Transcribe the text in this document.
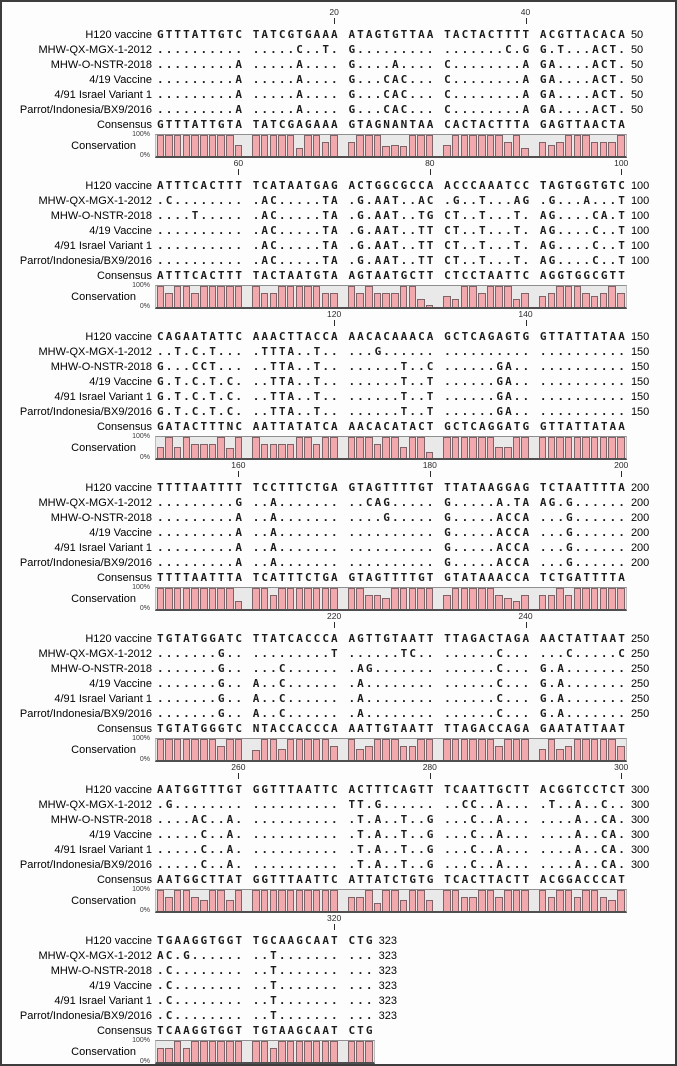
20	40
H120 vaccine GTTTATTGTC TATCGTGAAA ATAGTGTTAA TACTACTTTT ACGTTACACA 50
MHW-QX-MGX-1-2012 .......... .....C..T. G......... .......C.G G.T...ACT. 50
MHW-O-NSTR-2018 .........A .....A.... G....A.... C........A GA....ACT. 50
4/19 Vaccine .........A .....A.... G...CAC... C........A GA....ACT. 50
4/91 Israel Variant 1 .........A .....A.... G...CAC... C........A GA....ACT. 50
Parrot/Indonesia/BX9/2016 .........A .....A.... G...CAC... C........A GA....ACT. 50
Consensus GTTTATTGTA TATCGAGAAA GTAGNANTAA CACTACTTTA GAGTTAACTA
100%
Conservation
0%
60	80	100
H120 vaccine ATTTCACTTT TCATAATGAG ACTGGCGCCA ACCCAAATCC TAGTGGTGTC 100
MHW-QX-MGX-1-2012 .C........ .AC.....TA .G.AAT..AC .G..T...AG .G...A...T 100
MHW-O-NSTR-2018 ....T..... .AC.....TA .G.AAT..TG CT..T...T. AG....CA.T 100
4/19 Vaccine .......... .AC.....TA .G.AAT..TT CT..T...T. AG....C..T 100
4/91 Israel Variant 1 .......... .AC.....TA .G.AAT..TT CT..T...T. AG....C..T 100
Parrot/Indonesia/BX9/2016 .......... .AC.....TA .G.AAT..TT CT..T...T. AG....C..T 100
Consensus ATTTCACTTT TACTAATGTA AGTAATGCTT CTCCTAATTC AGGTGGCGTT
100%
Conservation
0%
120	140
H120 vaccine CAGAATATTC AAACTTACCA AACACAAACA GCTCAGAGTG GTTATTATAA 150
MHW-QX-MGX-1-2012 ..T.C.T... .TTTA..T.. ...G...... .......... .......... 150
MHW-O-NSTR-2018 G...CCT... ..TTA..T.. ......T..C ......GA.. .......... 150
4/19 Vaccine G.T.C.T.C. ..TTA..T.. ......T..T ......GA.. .......... 150
4/91 Israel Variant 1 G.T.C.T.C. ..TTA..T.. ......T..T ......GA.. .......... 150
Parrot/Indonesia/BX9/2016 G.T.C.T.C. ..TTA..T.. ......T..T ......GA.. .......... 150
Consensus GATACTTTNC AATTATATCA AACACATACT GCTCAGGATG GTTATTATAA
100%
Conservation
0%
160	180	200
H120 vaccine TTTTAATTTT TCCTTTCTGA GTAGTTTTGT TTATAAGGAG TCTAATTTTA 200
MHW-QX-MGX-1-2012 .........G ..A....... ..CAG..... G.....A.TA AG.G...... 200
MHW-O-NSTR-2018 .........A ..A....... ....G..... G.....ACCA ...G...... 200
4/19 Vaccine .........A ..A....... .......... G.....ACCA ...G...... 200
4/91 Israel Variant 1 .........A ..A....... .......... G.....ACCA ...G...... 200
Parrot/Indonesia/BX9/2016 .........A ..A....... .......... G.....ACCA ...G...... 200
Consensus TTTTAATTTA TCATTTCTGA GTAGTTTTGT GTATAAACCA TCTGATTTTA
100%
Conservation
0%
220	240
H120 vaccine TGTATGGATC TTATCACCCA AGTTGTAATT TTAGACTAGA AACTATTAAT 250
MHW-QX-MGX-1-2012 .......G.. .........T ......TC.. ......C... ...C.....C 250
MHW-O-NSTR-2018 .......G.. ...C...... .AG....... ......C... G.A....... 250
4/19 Vaccine .......G.. A..C...... .A........ ......C... G.A....... 250
4/91 Israel Variant 1 .......G.. A..C...... .A........ ......C... G.A....... 250
Parrot/Indonesia/BX9/2016 .......G.. A..C...... .A........ ......C... G.A....... 250
Consensus TGTATGGGTC NTACCACCCA AATTGTAATT TTAGACCAGA GAATATTAAT
100%
Conservation
0%
260	280	300
H120 vaccine AATGGTTTGT GGTTTAATTC ACTTTCAGTT TCAATTGCTT ACGGTCCTCT 300
MHW-QX-MGX-1-2012 .G........ .......... TT.G...... ..CC..A... .T..A..C.. 300
MHW-O-NSTR-2018 ....AC..A. .......... .T.A..T..G ...C..A... ....A..CA. 300
4/19 Vaccine .....C..A. .......... .T.A..T..G ...C..A... ....A..CA. 300
4/91 Israel Variant 1 .....C..A. .......... .T.A..T..G ...C..A... ....A..CA. 300
Parrot/Indonesia/BX9/2016 .....C..A. .......... .T.A..T..G ...C..A... ....A..CA. 300
Consensus AATGGCTTAT GGTTTAATTC ATTATCTGTG TCACTTACTT ACGGACCCAT
100%
Conservation
0%
320
H120 vaccine TGAAGGTGGT TGCAAGCAAT CTG 323
MHW-QX-MGX-1-2012 AC.G...... ..T....... ... 323
MHW-O-NSTR-2018 .C........ ..T....... ... 323
4/19 Vaccine .C........ ..T....... ... 323
4/91 Israel Variant 1 .C........ ..T....... ... 323
Parrot/Indonesia/BX9/2016 .C........ ..T....... ... 323
Consensus TCAAGGTGGT TGTAAGCAAT CTG
100%
Conservation
0%
